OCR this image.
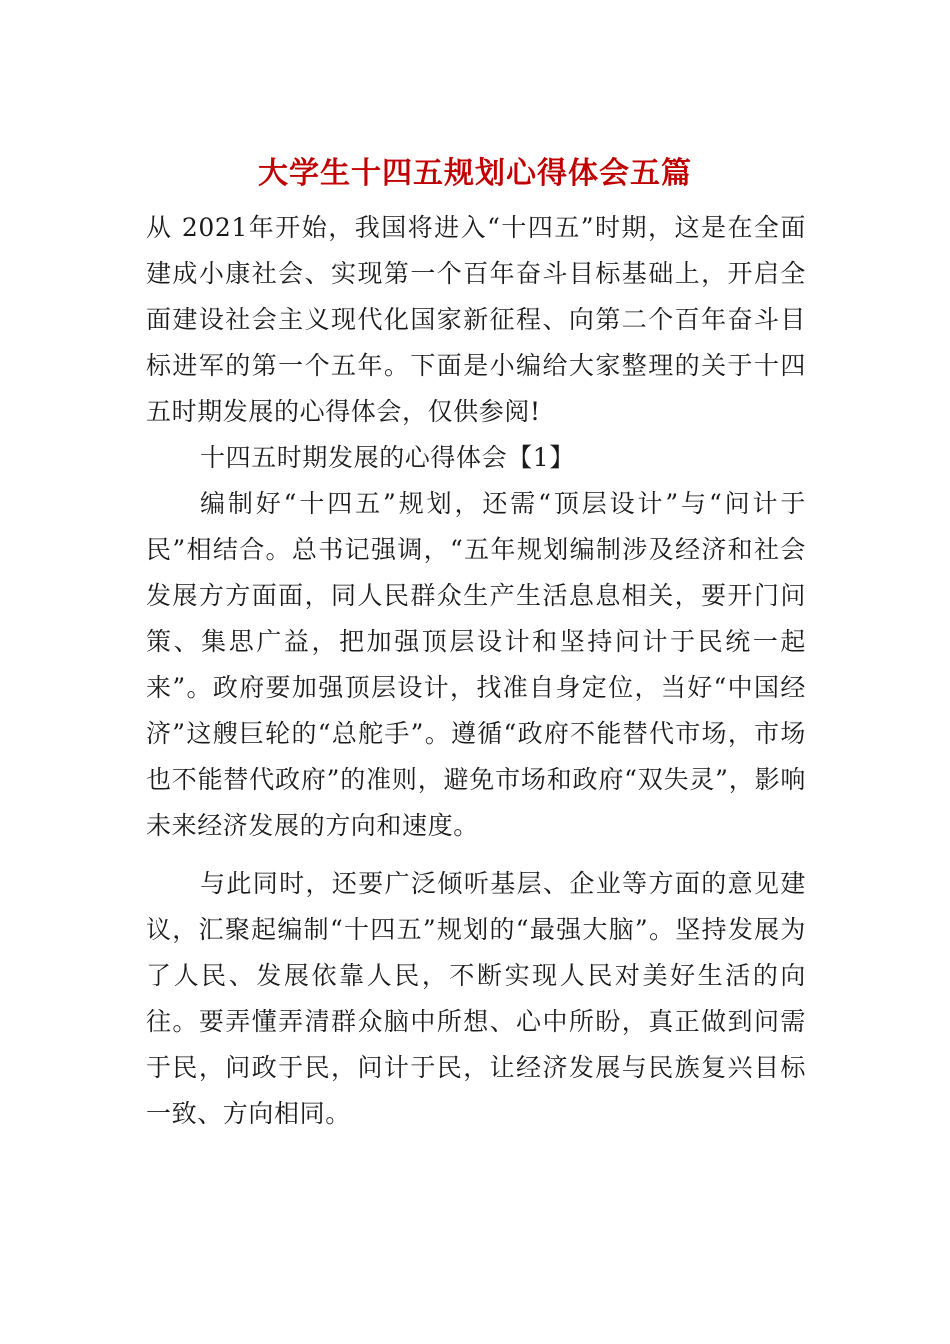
大学生十四五规划心得体会五篇

从 2021年开始，我国将进入“十四五”时期，这是在全面建成小康社会、实现第一个百年奋斗目标基础上，开启全面建设社会主义现代化国家新征程、向第二个百年奋斗目标进军的第一个五年。下面是小编给大家整理的关于十四五时期发展的心得体会，仅供参阅!

十四五时期发展的心得体会【1】

编制好“十四五”规划，还需“顶层设计”与“问计于民”相结合。总书记强调，“五年规划编制涉及经济和社会发展方方面面，同人民群众生产生活息息相关，要开门问策、集思广益，把加强顶层设计和坚持问计于民统一起来”。政府要加强顶层设计，找准自身定位，当好“中国经济”这艘巨轮的“总舵手”。遵循“政府不能替代市场，市场也不能替代政府”的准则，避免市场和政府“双失灵”，影响未来经济发展的方向和速度。

与此同时，还要广泛倾听基层、企业等方面的意见建议，汇聚起编制“十四五”规划的“最强大脑”。坚持发展为了人民、发展依靠人民，不断实现人民对美好生活的向往。要弄懂弄清群众脑中所想、心中所盼，真正做到问需于民，问政于民，问计于民，让经济发展与民族复兴目标一致、方向相同。
